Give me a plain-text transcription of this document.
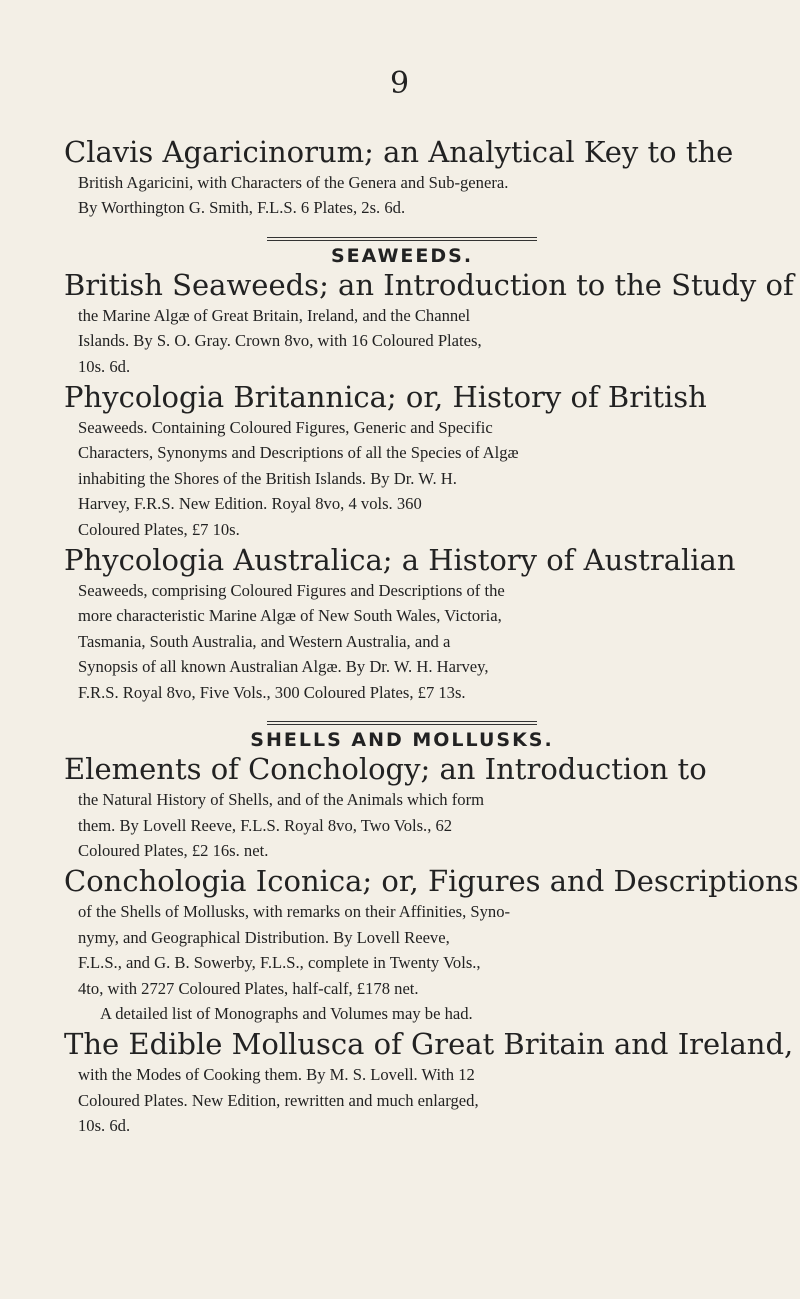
9
Clavis Agaricinorum; an Analytical Key to the
British Agaricini, with Characters of the Genera and Sub-genera.
By Worthington G. Smith, F.L.S. 6 Plates, 2s. 6d.
SEAWEEDS.
British Seaweeds; an Introduction to the Study of
the Marine Algæ of Great Britain, Ireland, and the Channel
Islands. By S. O. Gray. Crown 8vo, with 16 Coloured Plates,
10s. 6d.
Phycologia Britannica; or, History of British
Seaweeds. Containing Coloured Figures, Generic and Specific
Characters, Synonyms and Descriptions of all the Species of Algæ
inhabiting the Shores of the British Islands. By Dr. W. H.
Harvey, F.R.S. New Edition. Royal 8vo, 4 vols. 360
Coloured Plates, £7 10s.
Phycologia Australica; a History of Australian
Seaweeds, comprising Coloured Figures and Descriptions of the
more characteristic Marine Algæ of New South Wales, Victoria,
Tasmania, South Australia, and Western Australia, and a
Synopsis of all known Australian Algæ. By Dr. W. H. Harvey,
F.R.S. Royal 8vo, Five Vols., 300 Coloured Plates, £7 13s.
SHELLS AND MOLLUSKS.
Elements of Conchology; an Introduction to
the Natural History of Shells, and of the Animals which form
them. By Lovell Reeve, F.L.S. Royal 8vo, Two Vols., 62
Coloured Plates, £2 16s. net.
Conchologia Iconica; or, Figures and Descriptions
of the Shells of Mollusks, with remarks on their Affinities, Syno-
nymy, and Geographical Distribution. By Lovell Reeve,
F.L.S., and G. B. Sowerby, F.L.S., complete in Twenty Vols.,
4to, with 2727 Coloured Plates, half-calf, £178 net.
A detailed list of Monographs and Volumes may be had.
The Edible Mollusca of Great Britain and Ireland,
with the Modes of Cooking them. By M. S. Lovell. With 12
Coloured Plates. New Edition, rewritten and much enlarged,
10s. 6d.
